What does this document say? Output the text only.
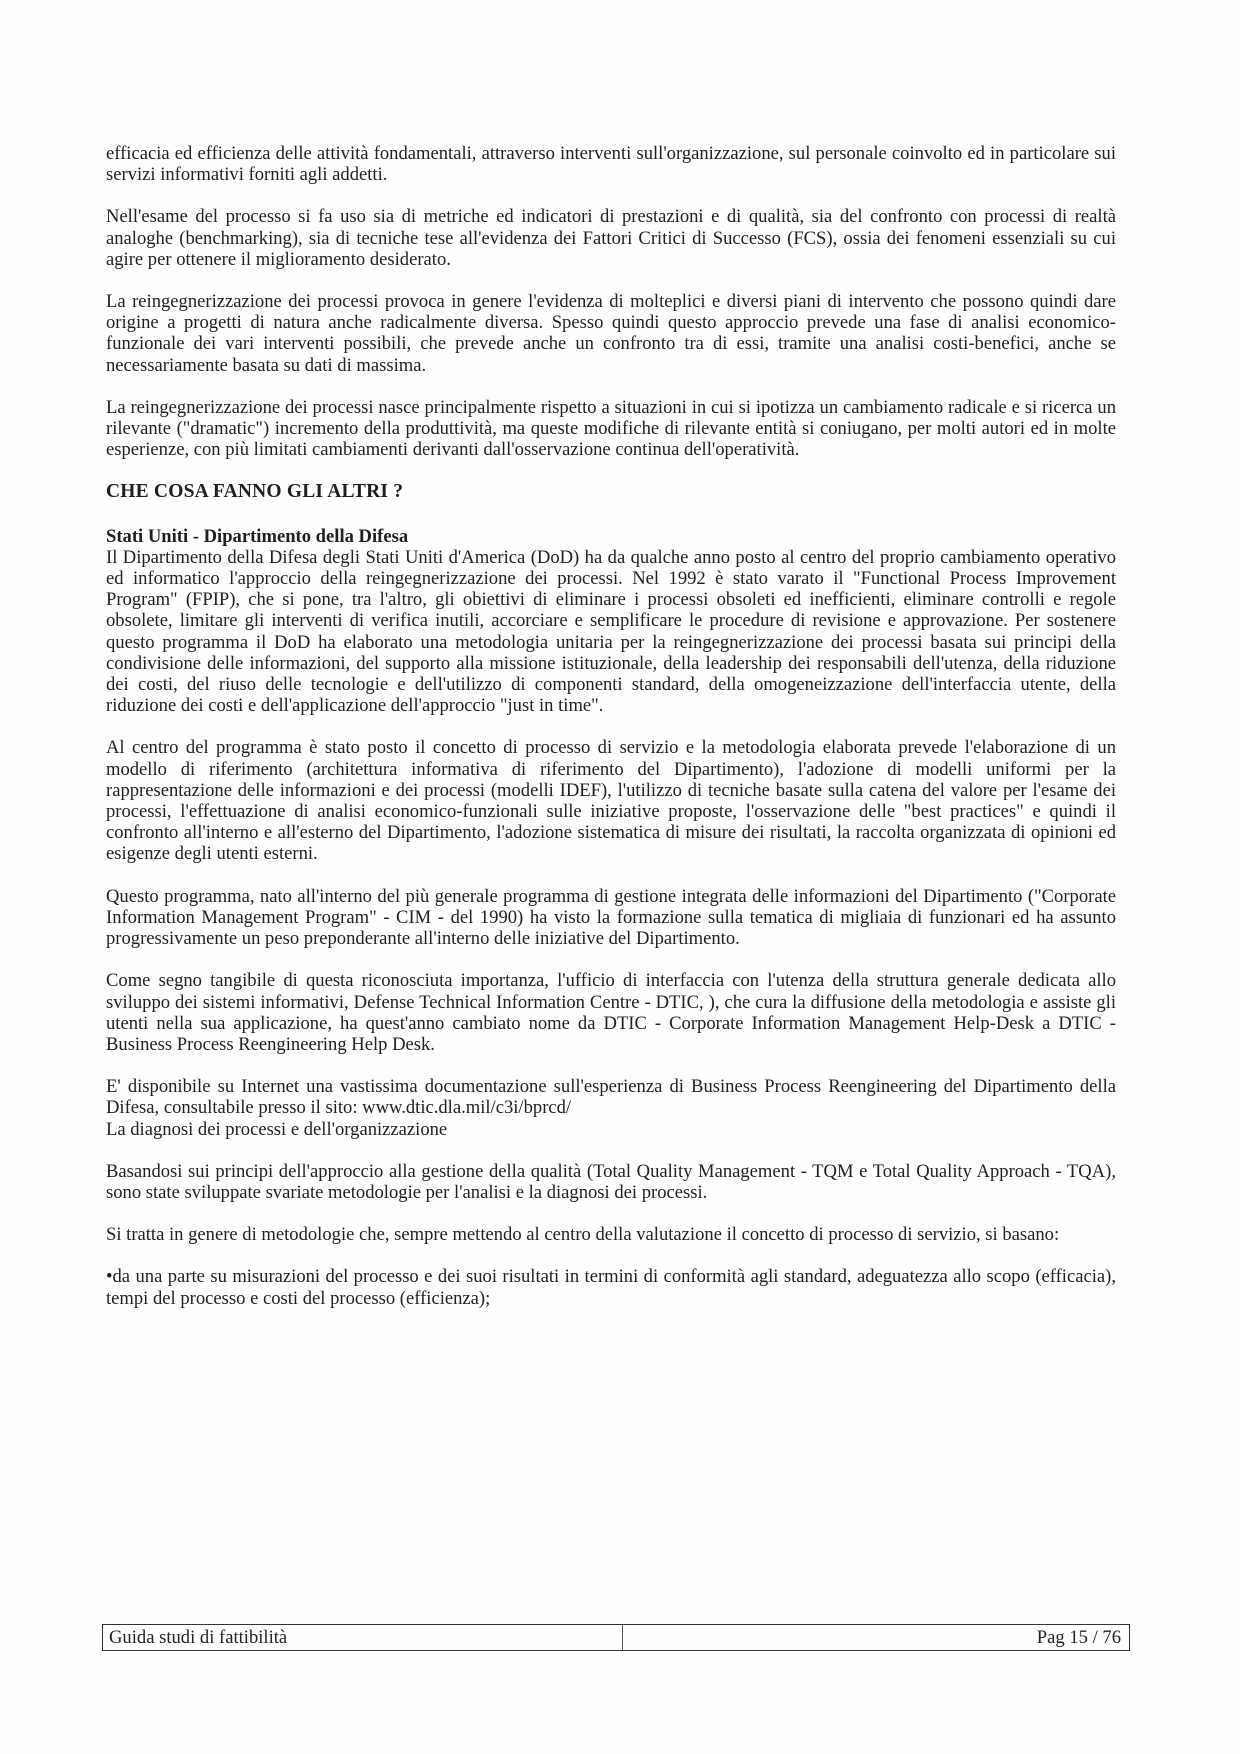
efficacia ed efficienza delle attività fondamentali, attraverso interventi sull'organizzazione, sul personale coinvolto ed in particolare sui servizi informativi forniti agli addetti.

Nell'esame del processo si fa uso sia di metriche ed indicatori di prestazioni e di qualità, sia del confronto con processi di realtà analoghe (benchmarking), sia di tecniche tese all'evidenza dei Fattori Critici di Successo (FCS), ossia dei fenomeni essenziali su cui agire per ottenere il miglioramento desiderato.

La reingegnerizzazione dei processi provoca in genere l'evidenza di molteplici e diversi piani di intervento che possono quindi dare origine a progetti di natura anche radicalmente diversa. Spesso quindi questo approccio prevede una fase di analisi economico-funzionale dei vari interventi possibili, che prevede anche un confronto tra di essi, tramite una analisi costi-benefici, anche se necessariamente basata su dati di massima.

La reingegnerizzazione dei processi nasce principalmente rispetto a situazioni in cui si ipotizza un cambiamento radicale e si ricerca un rilevante ("dramatic") incremento della produttività, ma queste modifiche di rilevante entità si coniugano, per molti autori ed in molte esperienze, con più limitati cambiamenti derivanti dall'osservazione continua dell'operatività.

CHE COSA FANNO GLI ALTRI ?
Stati Uniti - Dipartimento della Difesa

Il Dipartimento della Difesa degli Stati Uniti d'America (DoD) ha da qualche anno posto al centro del proprio cambiamento operativo ed informatico l'approccio della reingegnerizzazione dei processi. Nel 1992 è stato varato il "Functional Process Improvement Program" (FPIP), che si pone, tra l'altro, gli obiettivi di eliminare i processi obsoleti ed inefficienti, eliminare controlli e regole obsolete, limitare gli interventi di verifica inutili, accorciare e semplificare le procedure di revisione e approvazione. Per sostenere questo programma il DoD ha elaborato una metodologia unitaria per la reingegnerizzazione dei processi basata sui principi della condivisione delle informazioni, del supporto alla missione istituzionale, della leadership dei responsabili dell'utenza, della riduzione dei costi, del riuso delle tecnologie e dell'utilizzo di componenti standard, della omogeneizzazione dell'interfaccia utente, della riduzione dei costi e dell'applicazione dell'approccio "just in time".

Al centro del programma è stato posto il concetto di processo di servizio e la metodologia elaborata prevede l'elaborazione di un modello di riferimento (architettura informativa di riferimento del Dipartimento), l'adozione di modelli uniformi per la rappresentazione delle informazioni e dei processi (modelli IDEF), l'utilizzo di tecniche basate sulla catena del valore per l'esame dei processi, l'effettuazione di analisi economico-funzionali sulle iniziative proposte, l'osservazione delle "best practices" e quindi il confronto all'interno e all'esterno del Dipartimento, l'adozione sistematica di misure dei risultati, la raccolta organizzata di opinioni ed esigenze degli utenti esterni.

Questo programma, nato all'interno del più generale programma di gestione integrata delle informazioni del Dipartimento ("Corporate Information Management Program" - CIM - del 1990) ha visto la formazione sulla tematica di migliaia di funzionari ed ha assunto progressivamente un peso preponderante all'interno delle iniziative del Dipartimento.

Come segno tangibile di questa riconosciuta importanza, l'ufficio di interfaccia con l'utenza della struttura generale dedicata allo sviluppo dei sistemi informativi, Defense Technical Information Centre - DTIC, ), che cura la diffusione della metodologia e assiste gli utenti nella sua applicazione, ha quest'anno cambiato nome da DTIC - Corporate Information Management Help-Desk a DTIC - Business Process Reengineering Help Desk.

E' disponibile su Internet una vastissima documentazione sull'esperienza di Business Process Reengineering del Dipartimento della Difesa, consultabile presso il sito: www.dtic.dla.mil/c3i/bprcd/

La diagnosi dei processi e dell'organizzazione

Basandosi sui principi dell'approccio alla gestione della qualità (Total Quality Management - TQM e Total Quality Approach - TQA), sono state sviluppate svariate metodologie per l'analisi e la diagnosi dei processi.

Si tratta in genere di metodologie che, sempre mettendo al centro della valutazione il concetto di processo di servizio, si basano:

•da una parte su misurazioni del processo e dei suoi risultati in termini di conformità agli standard, adeguatezza allo scopo (efficacia), tempi del processo e costi del processo (efficienza);

Guida studi di fattibilità	Pag 15 / 76
